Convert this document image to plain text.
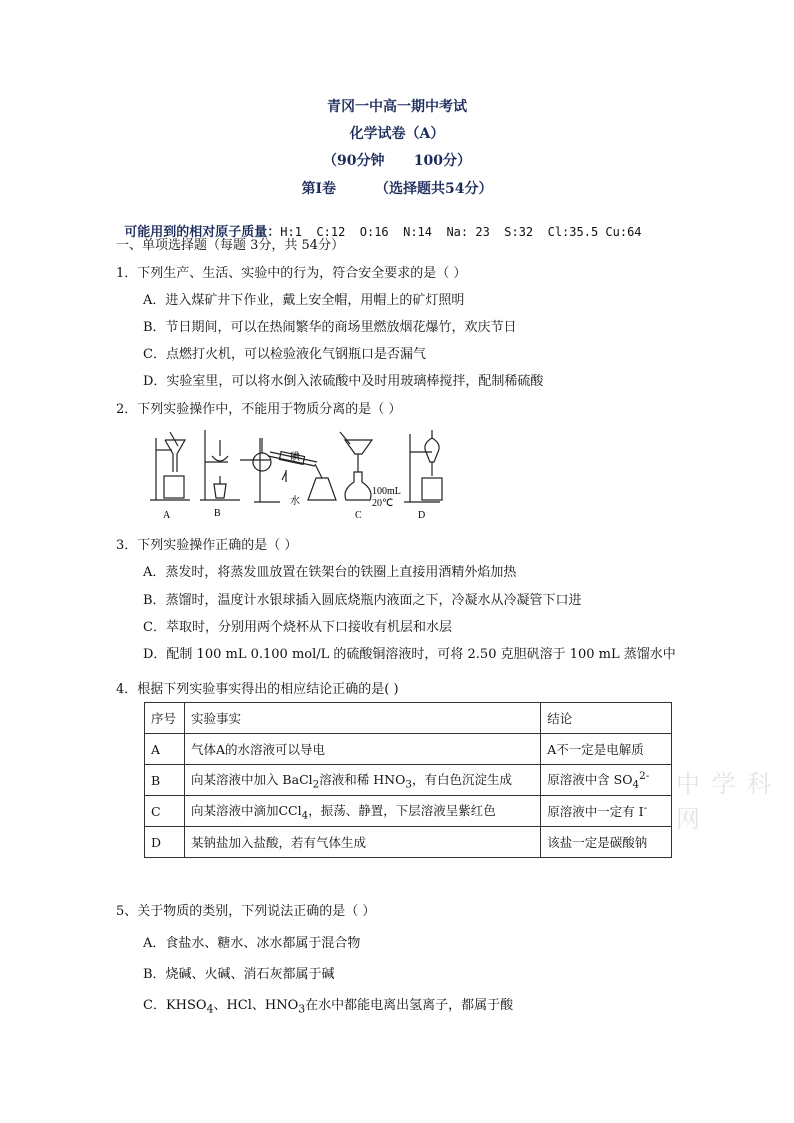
青冈一中高一期中考试
化学试卷（A）
（90分钟      100分）
第Ⅰ卷        （选择题共54分）

可能用到的相对原子质量：H:1  C:12  O:16  N:14  Na: 23  S:32  Cl:35.5 Cu:64

一、单项选择题（每题 3分，共 54分）
1．下列生产、生活、实验中的行为，符合安全要求的是（ ）
A．进入煤矿井下作业，戴上安全帽，用帽上的矿灯照明
B．节日期间，可以在热闹繁华的商场里燃放烟花爆竹，欢庆节日
C．点燃打火机，可以检验液化气钢瓶口是否漏气
D．实验室里，可以将水倒入浓硫酸中及时用玻璃棒搅拌，配制稀硫酸
2．下列实验操作中，不能用于物质分离的是（ ）
碘
水
100mL
20℃
A	B	C	D
3．下列实验操作正确的是（ ）
A．蒸发时，将蒸发皿放置在铁架台的铁圈上直接用酒精外焰加热
B．蒸馏时，温度计水银球插入圆底烧瓶内液面之下，冷凝水从冷凝管下口进
C．萃取时，分别用两个烧杯从下口接收有机层和水层
D．配制 100 mL 0.100 mol/L 的硫酸铜溶液时，可将 2.50 克胆矾溶于 100 mL 蒸馏水中
4．根据下列实验事实得出的相应结论正确的是( )
序号	实验事实	结论
A	气体A的水溶液可以导电	A不一定是电解质
B	向某溶液中加入 BaCl$_2$溶液和稀 $HNO_3$，有白色沉淀生成	原溶液中含 $SO_4^{2-}$
C	向某溶液中滴加CCl$_4$，振荡、静置，下层溶液呈紫红色	原溶液中一定有 I-
D	某钠盐加入盐酸，若有气体生成	该盐一定是碳酸钠
中 学 科 网
5、关于物质的类别，下列说法正确的是（ ）
A．食盐水、糖水、冰水都属于混合物
B．烧碱、火碱、消石灰都属于碱
C．$KHSO_4$、HCl、$HNO_3$在水中都能电离出氢离子，都属于酸
